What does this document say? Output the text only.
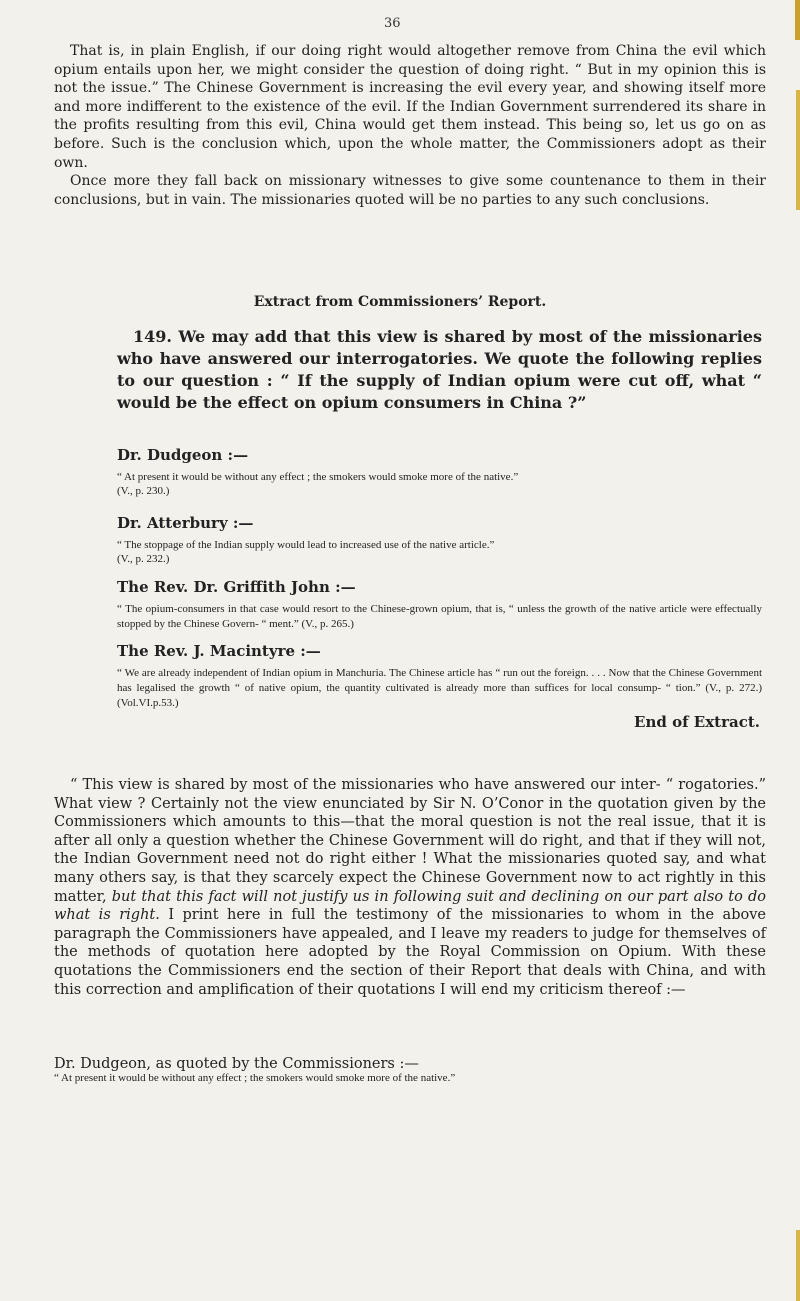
36

That is, in plain English, if our doing right would altogether remove from China the evil which opium entails upon her, we might consider the question of doing right. “ But in my opinion this is not the issue.” The Chinese Government is increasing the evil every year, and showing itself more and more indifferent to the existence of the evil. If the Indian Government surrendered its share in the profits resulting from this evil, China would get them instead. This being so, let us go on as before. Such is the conclusion which, upon the whole matter, the Commissioners adopt as their own.

Once more they fall back on missionary witnesses to give some countenance to them in their conclusions, but in vain. The missionaries quoted will be no parties to any such conclusions.

Extract from Commissioners’ Report.

149. We may add that this view is shared by most of the missionaries who have answered our interrogatories. We quote the following replies to our question : “ If the supply of Indian opium were cut off, what “ would be the effect on opium consumers in China ?”

Dr. Dudgeon :—

“ At present it would be without any effect ; the smokers would smoke more of the native.”

(V., p. 230.)

Dr. Atterbury :—

“ The stoppage of the Indian supply would lead to increased use of the native article.”

(V., p. 232.)

The Rev. Dr. Griffith John :—

“ The opium-consumers in that case would resort to the Chinese-grown opium, that is, “ unless the growth of the native article were effectually stopped by the Chinese Govern- “ ment.” (V., p. 265.)

The Rev. J. Macintyre :—

“ We are already independent of Indian opium in Manchuria. The Chinese article has “ run out the foreign. . . . Now that the Chinese Government has legalised the growth “ of native opium, the quantity cultivated is already more than suffices for local consump- “ tion.” (V., p. 272.) (Vol.VI.p.53.)

End of Extract.

“ This view is shared by most of the missionaries who have answered our inter- “ rogatories.” What view ? Certainly not the view enunciated by Sir N. O’Conor in the quotation given by the Commissioners which amounts to this—that the moral question is not the real issue, that it is after all only a question whether the Chinese Government will do right, and that if they will not, the Indian Government need not do right either ! What the missionaries quoted say, and what many others say, is that they scarcely expect the Chinese Government now to act rightly in this matter, but that this fact will not justify us in following suit and declining on our part also to do what is right. I print here in full the testimony of the missionaries to whom in the above paragraph the Commissioners have appealed, and I leave my readers to judge for themselves of the methods of quotation here adopted by the Royal Commission on Opium. With these quotations the Commissioners end the section of their Report that deals with China, and with this correction and amplification of their quotations I will end my criticism thereof :—

Dr. Dudgeon, as quoted by the Commissioners :—

“ At present it would be without any effect ; the smokers would smoke more of the native.”
